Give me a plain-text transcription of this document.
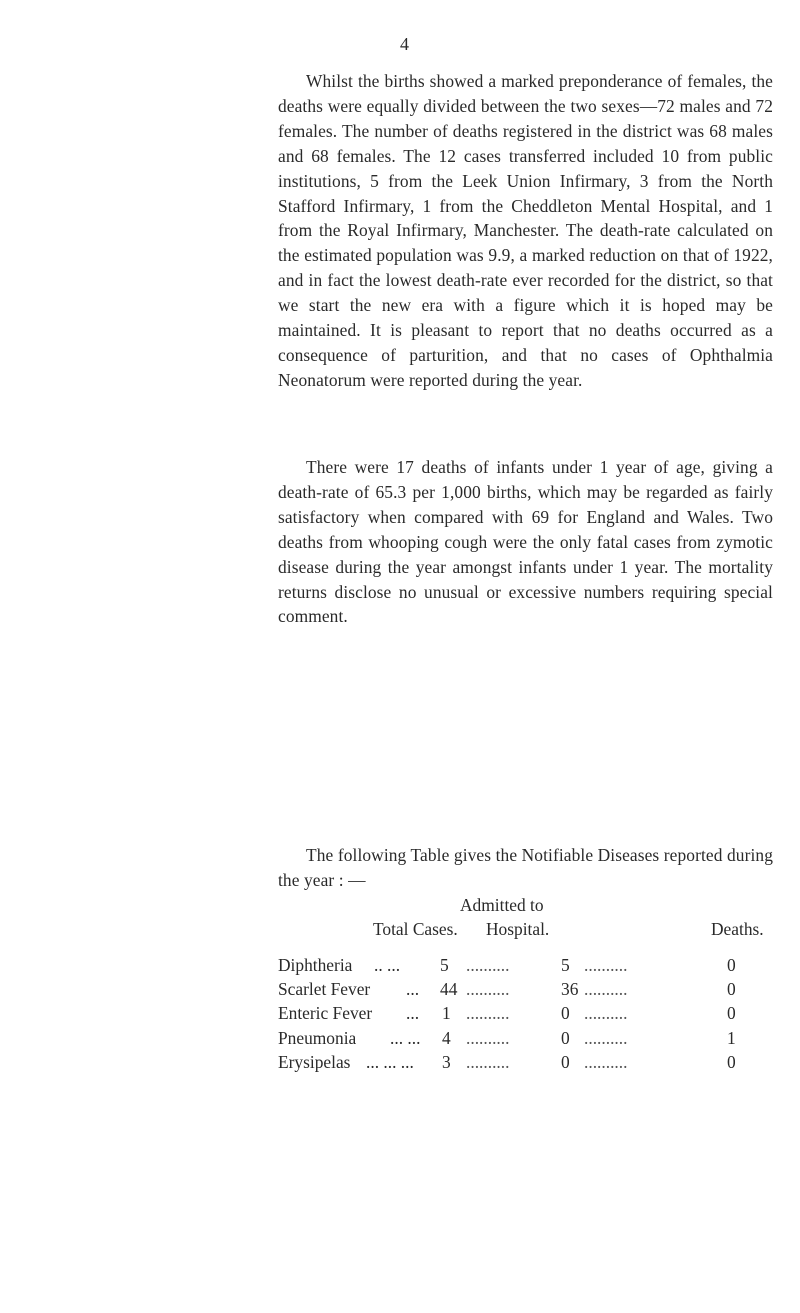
4

Whilst the births showed a marked preponderance of females, the deaths were equally divided between the two sexes—72 males and 72 females. The number of deaths registered in the district was 68 males and 68 females. The 12 cases transferred included 10 from public institutions, 5 from the Leek Union Infirmary, 3 from the North Stafford Infirmary, 1 from the Cheddleton Mental Hospital, and 1 from the Royal Infirmary, Manchester. The death-rate calculated on the estimated population was 9.9, a marked reduction on that of 1922, and in fact the lowest death-rate ever recorded for the district, so that we start the new era with a figure which it is hoped may be maintained. It is pleasant to report that no deaths occurred as a consequence of parturition, and that no cases of Ophthalmia Neonatorum were reported during the year.

There were 17 deaths of infants under 1 year of age, giving a death-rate of 65.3 per 1,000 births, which may be regarded as fairly satisfactory when compared with 69 for England and Wales. Two deaths from whooping cough were the only fatal cases from zymotic disease during the year amongst infants under 1 year. The mortality returns disclose no unusual or excessive numbers requiring special comment.

The following Table gives the Notifiable Diseases reported during the year : —

Admitted to
Total Cases. Hospital.	Deaths.
Diphtheria .. ... 5 ..........	5 ..........	0
Scarlet Fever ... 44 ..........	36 ..........	0
Enteric Fever ... 1 ..........	0 ..........	0
Pneumonia ... ... 4 ..........	0 ..........	1
Erysipelas ... ... ... 3 ..........	0 ..........	0
